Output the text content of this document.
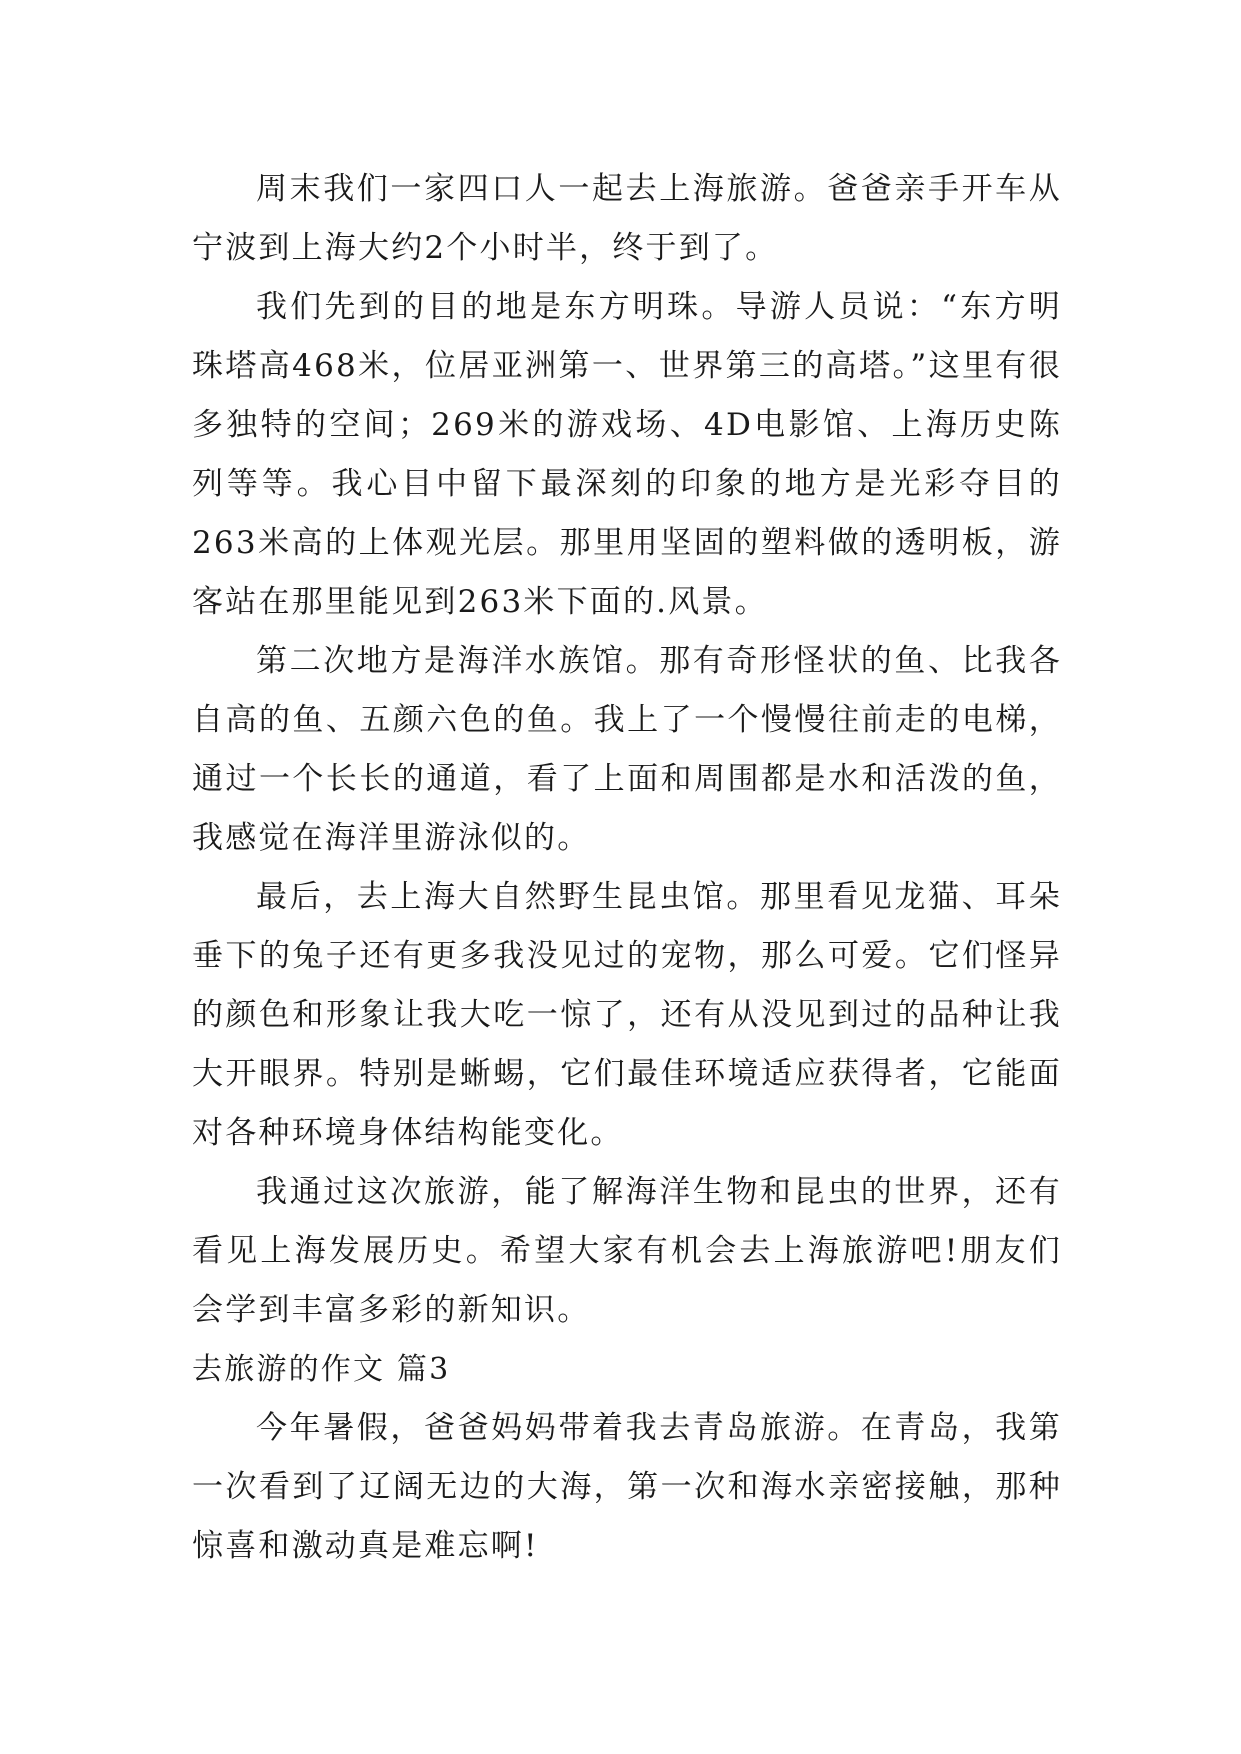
周末我们一家四口人一起去上海旅游。爸爸亲手开车从宁波到上海大约2个小时半，终于到了。

我们先到的目的地是东方明珠。导游人员说：“东方明珠塔高468米，位居亚洲第一、世界第三的高塔。”这里有很多独特的空间；269米的游戏场、4D电影馆、上海历史陈列等等。我心目中留下最深刻的印象的地方是光彩夺目的263米高的上体观光层。那里用坚固的塑料做的透明板，游客站在那里能见到263米下面的.风景。

第二次地方是海洋水族馆。那有奇形怪状的鱼、比我各自高的鱼、五颜六色的鱼。我上了一个慢慢往前走的电梯，通过一个长长的通道，看了上面和周围都是水和活泼的鱼，我感觉在海洋里游泳似的。

最后，去上海大自然野生昆虫馆。那里看见龙猫、耳朵垂下的兔子还有更多我没见过的宠物，那么可爱。它们怪异的颜色和形象让我大吃一惊了，还有从没见到过的品种让我大开眼界。特别是蜥蜴，它们最佳环境适应获得者，它能面对各种环境身体结构能变化。

我通过这次旅游，能了解海洋生物和昆虫的世界，还有看见上海发展历史。希望大家有机会去上海旅游吧!朋友们会学到丰富多彩的新知识。

去旅游的作文 篇3

今年暑假，爸爸妈妈带着我去青岛旅游。在青岛，我第一次看到了辽阔无边的大海，第一次和海水亲密接触，那种惊喜和激动真是难忘啊!
